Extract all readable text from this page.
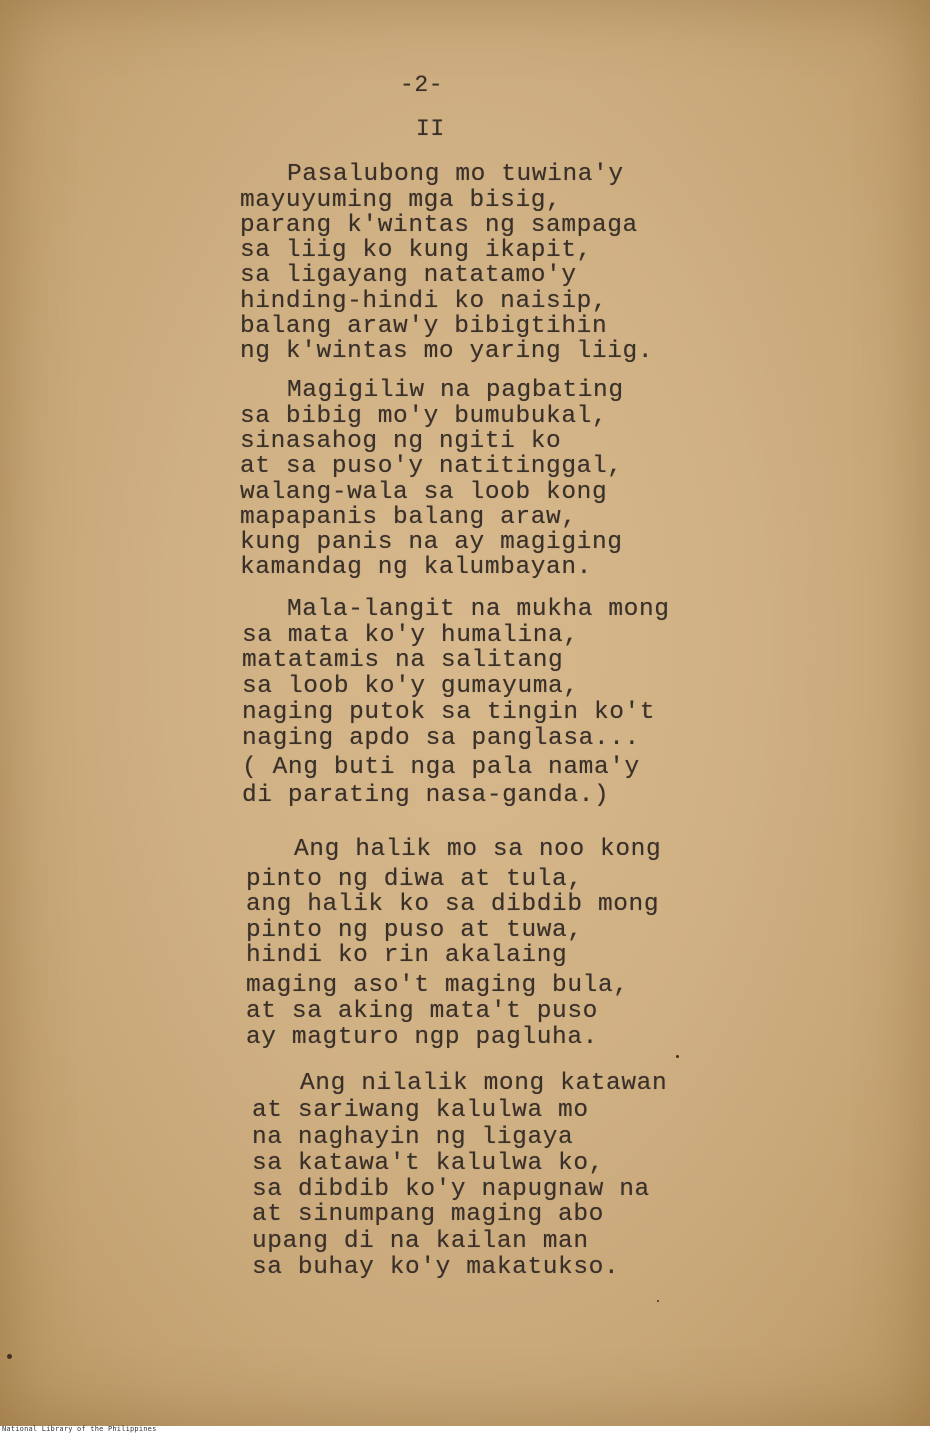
-2-
II
Pasalubong mo tuwina'y
mayuyuming mga bisig,
parang k'wintas ng sampaga
sa liig ko kung ikapit,
sa ligayang natatamo'y
hinding-hindi ko naisip,
balang araw'y bibigtihin
ng k'wintas mo yaring liig.
Magigiliw na pagbating
sa bibig mo'y bumubukal,
sinasahog ng ngiti ko
at sa puso'y natitinggal,
walang-wala sa loob kong
mapapanis balang araw,
kung panis na ay magiging
kamandag ng kalumbayan.
Mala-langit na mukha mong
sa mata ko'y humalina,
matatamis na salitang
sa loob ko'y gumayuma,
naging putok sa tingin ko't
naging apdo sa panglasa...
( Ang buti nga pala nama'y
di parating nasa-ganda.)
Ang halik mo sa noo kong
pinto ng diwa at tula,
ang halik ko sa dibdib mong
pinto ng puso at tuwa,
hindi ko rin akalaing
maging aso't maging bula,
at sa aking mata't puso
ay magturo ngp pagluha.
Ang nilalik mong katawan
at sariwang kalulwa mo
na naghayin ng ligaya
sa katawa't kalulwa ko,
sa dibdib ko'y napugnaw na
at sinumpang maging abo
upang di na kailan man
sa buhay ko'y makatukso.
National Library of the Philippines
